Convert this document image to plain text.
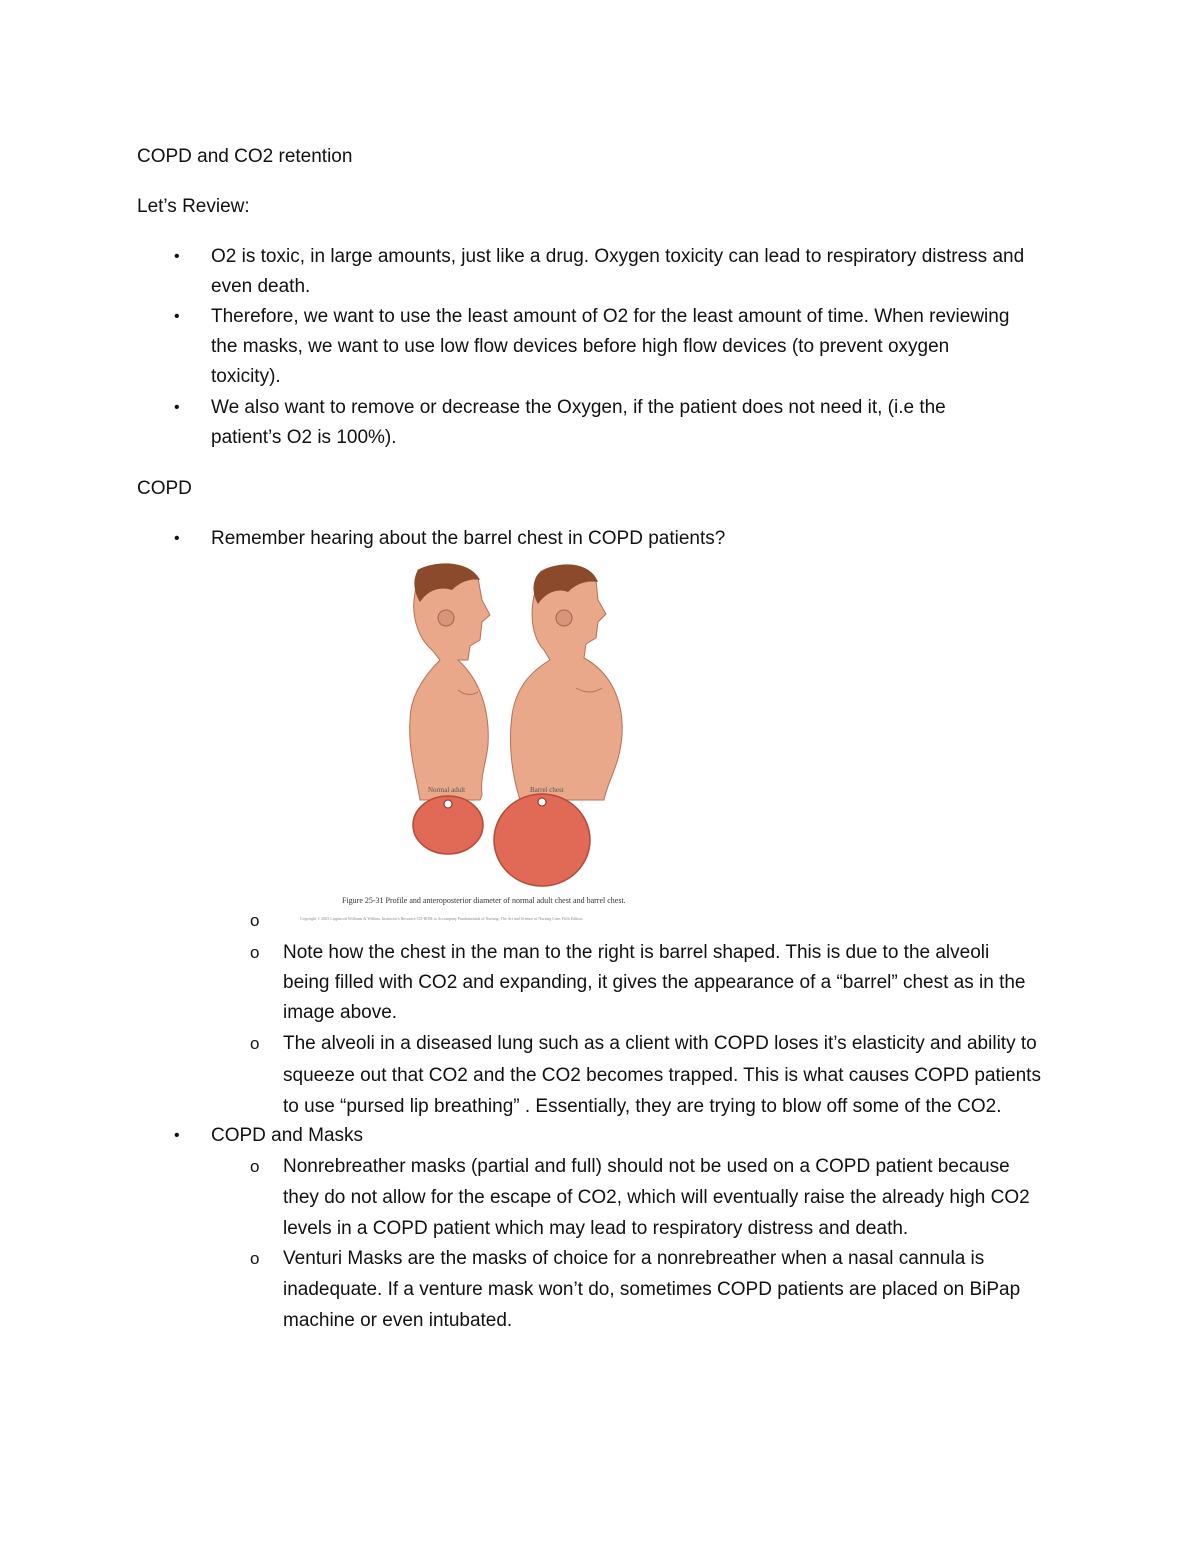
COPD and CO2 retention
Let’s Review:
• O2 is toxic, in large amounts, just like a drug. Oxygen toxicity can lead to respiratory distress and
even death.
• Therefore, we want to use the least amount of O2 for the least amount of time. When reviewing
the masks, we want to use low flow devices before high flow devices (to prevent oxygen
toxicity).
• We also want to remove or decrease the Oxygen, if the patient does not need it, (i.e the
patient’s O2 is 100%).
COPD
• Remember hearing about the barrel chest in COPD patients?
Normal adult	Barrel chest
Figure 25-31 Profile and anteroposterior diameter of normal adult chest and barrel chest.
Copyright © 2003 Lippincott Williams & Wilkins. Instructor's Resource CD-ROM to Accompany Fundamentals of Nursing: The Art and Science of Nursing Care, Fifth Edition.
o
o Note how the chest in the man to the right is barrel shaped. This is due to the alveoli
being filled with CO2 and expanding, it gives the appearance of a “barrel” chest as in the
image above.
o The alveoli in a diseased lung such as a client with COPD loses it’s elasticity and ability to
squeeze out that CO2 and the CO2 becomes trapped. This is what causes COPD patients
to use “pursed lip breathing” . Essentially, they are trying to blow off some of the CO2.
• COPD and Masks
o Nonrebreather masks (partial and full) should not be used on a COPD patient because
they do not allow for the escape of CO2, which will eventually raise the already high CO2
levels in a COPD patient which may lead to respiratory distress and death.
o Venturi Masks are the masks of choice for a nonrebreather when a nasal cannula is
inadequate. If a venture mask won’t do, sometimes COPD patients are placed on BiPap
machine or even intubated.
